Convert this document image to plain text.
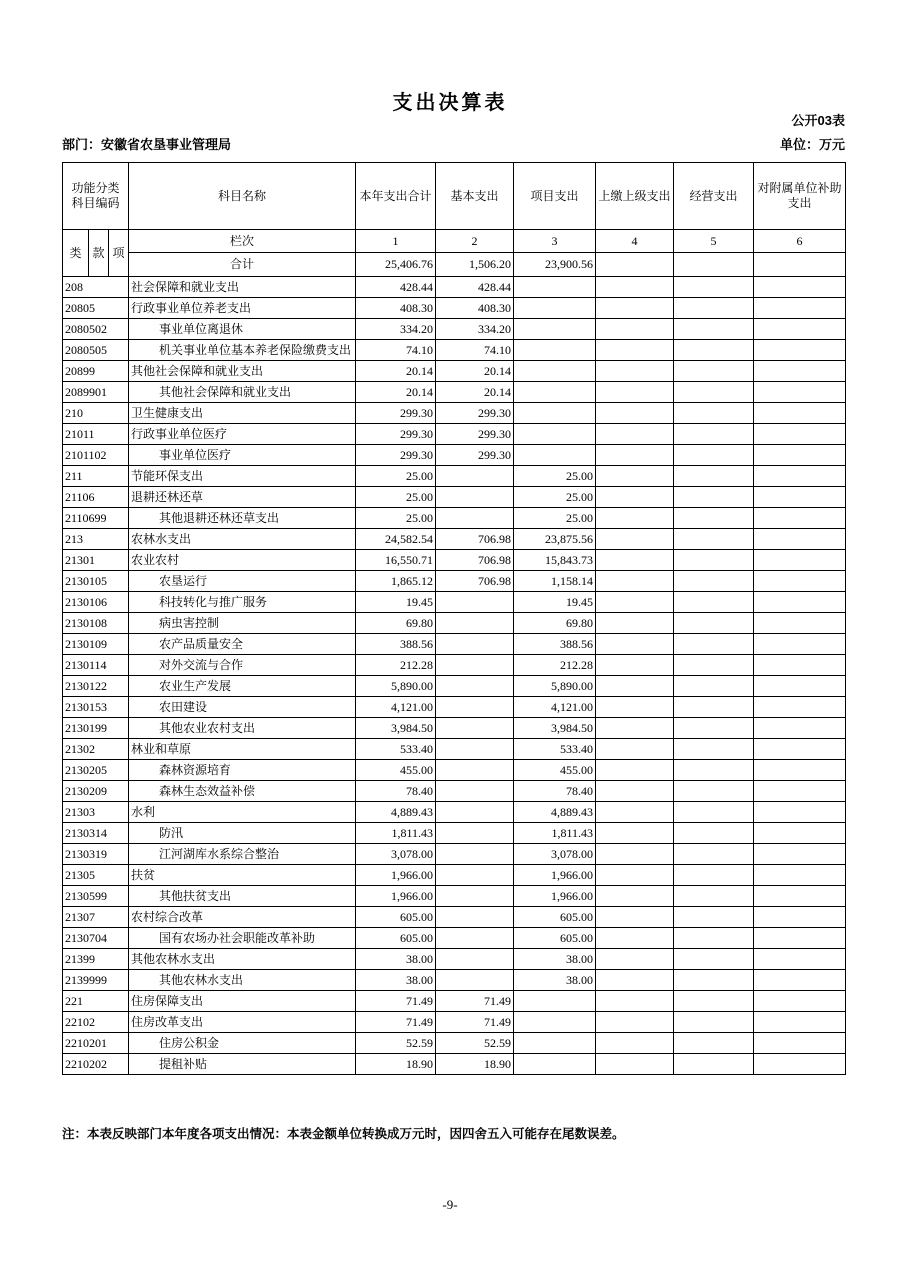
支出决算表
公开03表
部门：安徽省农垦事业管理局	单位：万元
功能分类 科目编码			科目名称	本年支出合计	基本支出	项目支出	上缴上级支出	经营支出	对附属单位补助支出
类	款	项	栏次	1	2	3	4	5	6
			合计	25,406.76	1,506.20	23,900.56			
208			社会保障和就业支出	428.44	428.44				
20805			行政事业单位养老支出	408.30	408.30				
2080502			事业单位离退休	334.20	334.20				
2080505			机关事业单位基本养老保险缴费支出	74.10	74.10				
20899			其他社会保障和就业支出	20.14	20.14				
2089901			其他社会保障和就业支出	20.14	20.14				
210			卫生健康支出	299.30	299.30				
21011			行政事业单位医疗	299.30	299.30				
2101102			事业单位医疗	299.30	299.30				
211			节能环保支出	25.00		25.00			
21106			退耕还林还草	25.00		25.00			
2110699			其他退耕还林还草支出	25.00		25.00			
213			农林水支出	24,582.54	706.98	23,875.56			
21301			农业农村	16,550.71	706.98	15,843.73			
2130105			农垦运行	1,865.12	706.98	1,158.14			
2130106			科技转化与推广服务	19.45		19.45			
2130108			病虫害控制	69.80		69.80			
2130109			农产品质量安全	388.56		388.56			
2130114			对外交流与合作	212.28		212.28			
2130122			农业生产发展	5,890.00		5,890.00			
2130153			农田建设	4,121.00		4,121.00			
2130199			其他农业农村支出	3,984.50		3,984.50			
21302			林业和草原	533.40		533.40			
2130205			森林资源培育	455.00		455.00			
2130209			森林生态效益补偿	78.40		78.40			
21303			水利	4,889.43		4,889.43			
2130314			防汛	1,811.43		1,811.43			
2130319			江河湖库水系综合整治	3,078.00		3,078.00			
21305			扶贫	1,966.00		1,966.00			
2130599			其他扶贫支出	1,966.00		1,966.00			
21307			农村综合改革	605.00		605.00			
2130704			国有农场办社会职能改革补助	605.00		605.00			
21399			其他农林水支出	38.00		38.00			
2139999			其他农林水支出	38.00		38.00			
221			住房保障支出	71.49	71.49				
22102			住房改革支出	71.49	71.49				
2210201			住房公积金	52.59	52.59				
2210202			提租补贴	18.90	18.90				
注：本表反映部门本年度各项支出情况：本表金额单位转换成万元时，因四舍五入可能存在尾数误差。
-9-
